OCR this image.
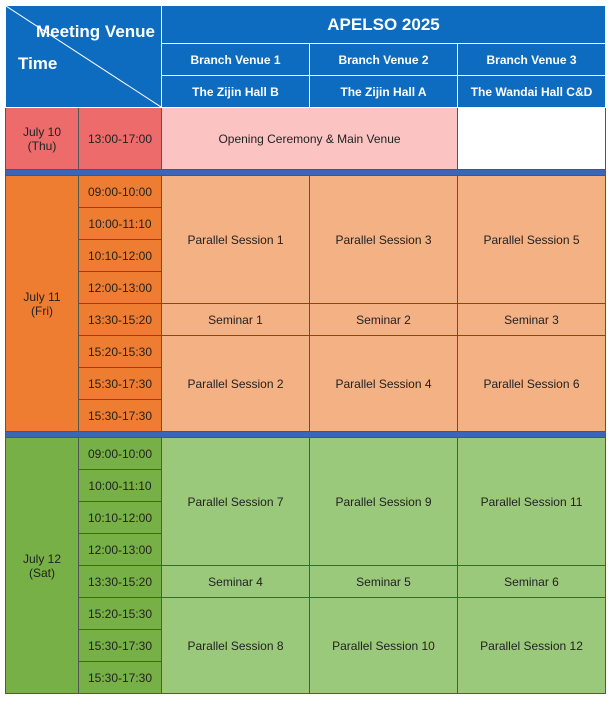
Meeting Venue
Time		APELSO 2025		
		Branch Venue 1	Branch Venue 2	Branch Venue 3
		The Zijin Hall B	The Zijin Hall A	The Wandai Hall C&D
July 10
(Thu)	13:00-17:00	Opening Ceremony & Main Venue		

July 11
(Fri)	09:00-10:00	Parallel Session 1	Parallel Session 3	Parallel Session 5
	10:00-11:10			
	10:10-12:00			
	12:00-13:00			
	13:30-15:20	Seminar 1	Seminar 2	Seminar 3
	15:20-15:30	Parallel Session 2	Parallel Session 4	Parallel Session 6
	15:30-17:30			
	15:30-17:30			

July 12
(Sat)	09:00-10:00	Parallel Session 7	Parallel Session 9	Parallel Session 11
	10:00-11:10			
	10:10-12:00			
	12:00-13:00			
	13:30-15:20	Seminar 4	Seminar 5	Seminar 6
	15:20-15:30	Parallel Session 8	Parallel Session 10	Parallel Session 12
	15:30-17:30			
	15:30-17:30			
